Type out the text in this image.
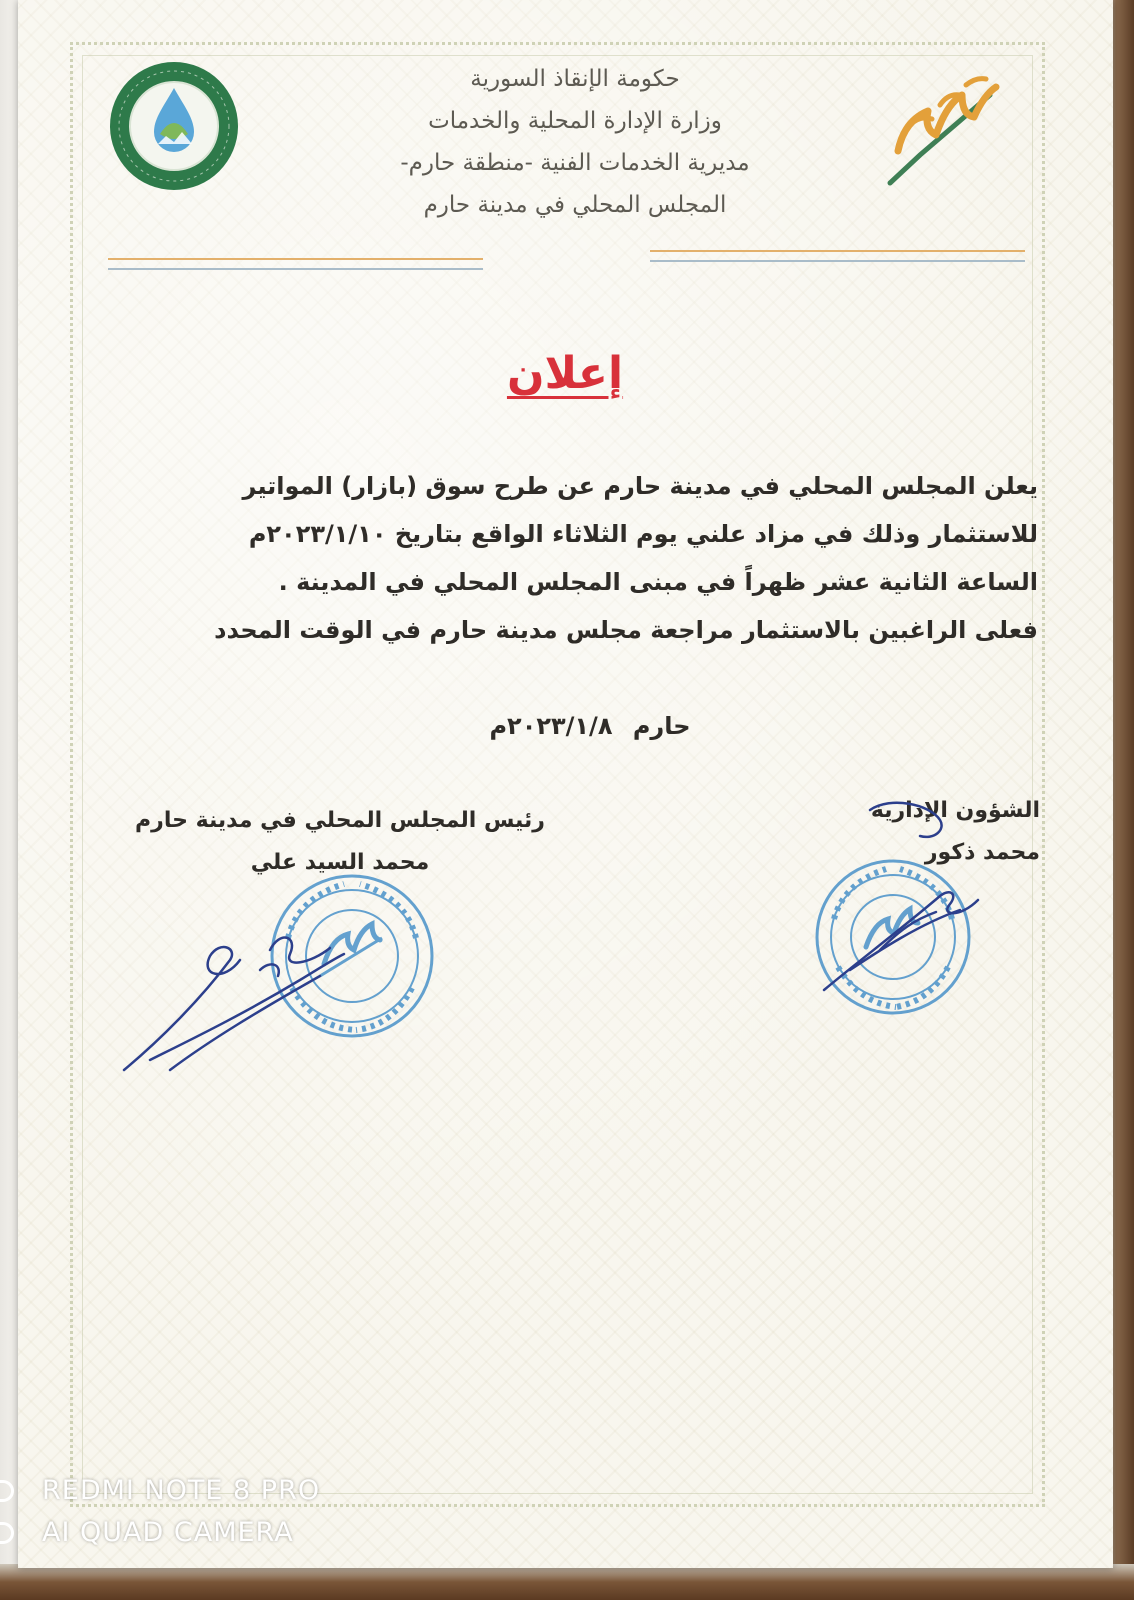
حكومة الإنقاذ السورية
وزارة الإدارة المحلية والخدمات
مديرية الخدمات الفنية -منطقة حارم-
المجلس المحلي في مدينة حارم
إعلان
يعلن المجلس المحلي في مدينة حارم عن طرح سوق (بازار) المواتير
للاستثمار وذلك في مزاد علني يوم الثلاثاء الواقع بتاريخ ٢٠٢٣/١/١٠م
الساعة الثانية عشر ظهراً في مبنى المجلس المحلي في المدينة .
فعلى الراغبين بالاستثمار مراجعة مجلس مدينة حارم في الوقت المحدد
حارم ٢٠٢٣/١/٨م
رئيس المجلس المحلي في مدينة حارم
محمد السيد علي
الشؤون الإدارية
محمد ذكور
REDMI NOTE 8 PRO
AI QUAD CAMERA
